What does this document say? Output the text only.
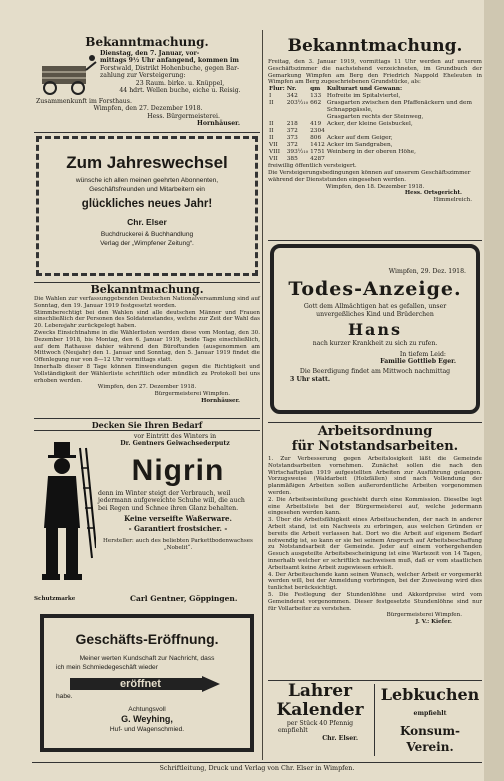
Bekanntmachung.
Dienstag, den 7. Januar, vor-
mittags 9½ Uhr anfangend, kommen im
Forstwald, Distrikt Hohenbuche, gegen Bar-
zahlung zur Versteigerung:
23 Raum. birke. u. Knüppel,
44 hdrt. Wellen buche, eiche u. Reisig.
Zusammenkunft im Forsthaus.
Wimpfen, den 27. Dezember 1918.
Hess. Bürgermeisterei.
Hornhäuser.
Zum Jahreswechsel
wünsche ich allen meinen geehrten Abonnenten,
Geschäftsfreunden und Mitarbeitern ein
glückliches neues Jahr!
Chr. Elser
Buchdruckerei & Buchhandlung
Verlag der „Wimpfener Zeitung“.
Bekanntmachung.
Die Wahlen zur verfassunggebenden Deutschen Nationalversammlung sind auf Sonntag, den 19. Januar 1919 festgesetzt worden.
Stimmberechtigt bei den Wahlen sind alle deutschen Männer und Frauen einschließlich der Personen des Soldatenstandes, welche zur Zeit der Wahl das 20. Lebensjahr zurückgelegt haben.
Zwecks Einsichtnahme in die Wählerlisten werden diese vom Montag, den 30. Dezember 1918, bis Montag, den 6. Januar 1919, beide Tage einschließlich, auf dem Rathause dahier während den Büroftunden (ausgenommen am Mittwoch (Neujahr) den 1. Januar und Sonntag, den 5. Januar 1919 findet die Offenlegung nur von 8—12 Uhr vormittags statt.
Innerhalb dieser 8 Tage können Einwendungen gegen die Richtigkeit und Vollständigkeit der Wählerliste schriftlich oder mündlich zu Protokoll bei uns erhoben werden.
Wimpfen, den 27. Dezember 1918.
Bürgermeisterei Wimpfen.
Hornhäuser.
Decken Sie Ihren Bedarf
vor Eintritt des Winters in
Dr. Gentners Geiwachsederputz
Nigrin
denn im Winter steigt der Verbrauch, weil
jedermann aufgeweichte Schuhe will, die auch
bei Regen und Schnee ihren Glanz behalten.
Keine verseifte Waßerware.
- Garantiert frostsicher. -
Hersteller: auch des beliebten Parkettbodenwachses „Nobelit“.
Schutzmarke	Carl Gentner, Göppingen.
Geschäfts-Eröffnung.
Meiner werten Kundschaft zur Nachricht, dass
ich mein Schmiedegeschäft wieder
eröffnet
habe.
Achtungsvoll
G. Weyhing,
Huf- und Wagenschmied.
Bekanntmachung.
Freitag, den 3. Januar 1919, vormittags 11 Uhr werden auf unserem Geschäftszimmer die nachstehend verzeichneten, im Grundbuch der Gemarkung Wimpfen am Berg den Friedrich Nappold Eheleuten in Wimpfen am Berg zugeschriebenen Grundstücke, als:
Flur:	Nr.	qm	Kulturart und Gewann:
I	342	133	Hofreite im Spitalviertel,
II	203½₁₀	662	Grasgarten zwischen den Pfaffenäckern und dem Schnappgässle,
			Grasgarten rechts der Steinweg,
II	218	419	Acker, der kleine Geisbuckel,
II	372	2304	
II	373	806	Acker auf dem Geiger,
VII	372	1412	Acker im Sandgraben,
VIII	393½₁₀	1751	Weinberg in der oberen Höhe,
VII	385	4287	
freiwillig öffentlich versteigert.
Die Versteigerungsbedingungen können auf unserem Geschäftszimmer während der Dienststunden eingesehen werden.
Wimpfen, den 18. Dezember 1918.
Hess. Ortsgericht.
Himmelreich.
Wimpfen, 29. Dez. 1918.
Todes-Anzeige.
Gott dem Allmächtigen hat es gefallen, unser unvergeßliches Kind und Brüderchen
Hans
nach kurzer Krankheit zu sich zu rufen.
In tiefem Leid:
Familie Gottlieb Eger.
Die Beerdigung findet am Mittwoch nachmittag
3 Uhr statt.
Arbeitsordnung
für Notstandsarbeiten.
1. Zur Verbesserung gegen Arbeitslosigkeit läßt die Gemeinde Notstandsarbeiten vornehmen. Zunächst sollen die nach den Wirtschaftsplan 1919 aufgestellten Arbeiten zur Ausführung gelangen. Vorzugsweise (Waldarbeit (Holzfällen) sind nach Vollendung der planmäßigen Arbeiten sollen außerordentliche Arbeiten vorgenommen werden.
2. Die Arbeitseinteilung geschieht durch eine Kommission. Dieselbe legt eine Arbeitsliste bei der Bürgermeisterei auf, welche jedermann eingesehen werden kann.
3. Über die Arbeitsfähigkeit eines Arbeitsuchenden, der nach in anderer Arbeit stand, ist ein Nachweis zu erbringen, aus welchen Gründen er bereits die Arbeit verlassen hat. Dort wo die Arbeit auf eigenem Bedarf notwendig ist, so kann er sie bei seinem Anspruch auf Arbeitsbeschaffung zu Notstandsarbeit der Gemeinde. Jeder auf einem vorhergehenden Gesuch ausgeteilte Arbeitsbescheinigung ist eine Wartezeit von 14 Tagen, innerhalb welcher er schriftlich nachweisen muß, daß er vom staatlichen Arbeitsamt keine Arbeit zugewiesen erhielt.
4. Der Arbeitsuchende kann seinen Wunsch, welcher Arbeit er vorgemerkt werden will, bei der Anmeldung vorbringen, bei der Zuweisung wird dies tunlichst berücksichtigt.
5. Die Festlegung der Stundenlöhne und Akkordpreise wird vom Gemeinderat vorgenommen. Dieser festgesetzte Stundenlöhne sind nur für Vollarbeiter zu verstehen.
Bürgermeisterei Wimpfen.
J. V.: Kiefer.
Lahrer
Kalender
per Stück 40 Pfennig
empfiehlt
Chr. Elser.
Lebkuchen
empfiehlt
Konsum-Verein.
Schriftleitung, Druck und Verlag von Chr. Elser in Wimpfen.
